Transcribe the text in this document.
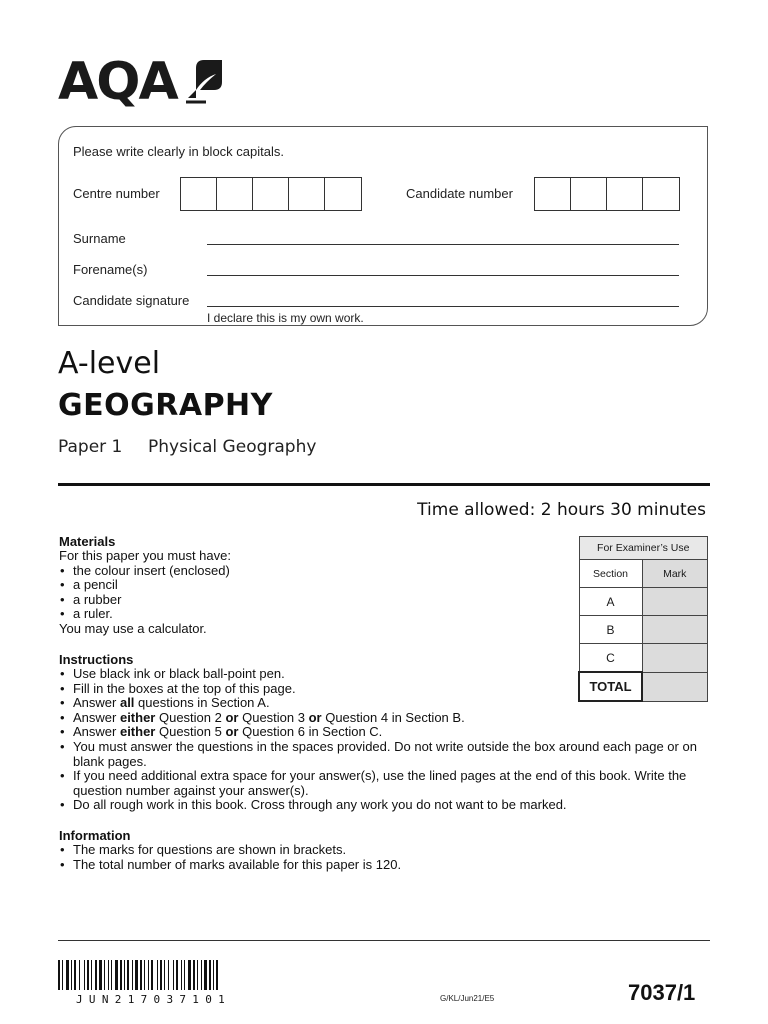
AQA
Please write clearly in block capitals.
Centre number	Candidate number
Surname
Forename(s)
Candidate signature
I declare this is my own work.
A-level
GEOGRAPHY
Paper 1 Physical Geography
Time allowed: 2 hours 30 minutes
Materials

For this paper you must have:

• the colour insert (enclosed)
• a pencil
• a rubber
• a ruler.

You may use a calculator.

Instructions
• Use black ink or black ball-point pen.
• Fill in the boxes at the top of this page.
• Answer all questions in Section A.
• Answer either Question 2 or Question 3 or Question 4 in Section B.
• Answer either Question 5 or Question 6 in Section C.
• You must answer the questions in the spaces provided. Do not write outside the box around each page or on blank pages.
• If you need additional extra space for your answer(s), use the lined pages at the end of this book. Write the question number against your answer(s).
• Do all rough work in this book. Cross through any work you do not want to be marked.
Information
• The marks for questions are shown in brackets.
• The total number of marks available for this paper is 120.
For Examiner’s Use	
Section	Mark
A	
B	
C	
TOTAL	
JUN217037101	G/KL/Jun21/E5	7037/1
